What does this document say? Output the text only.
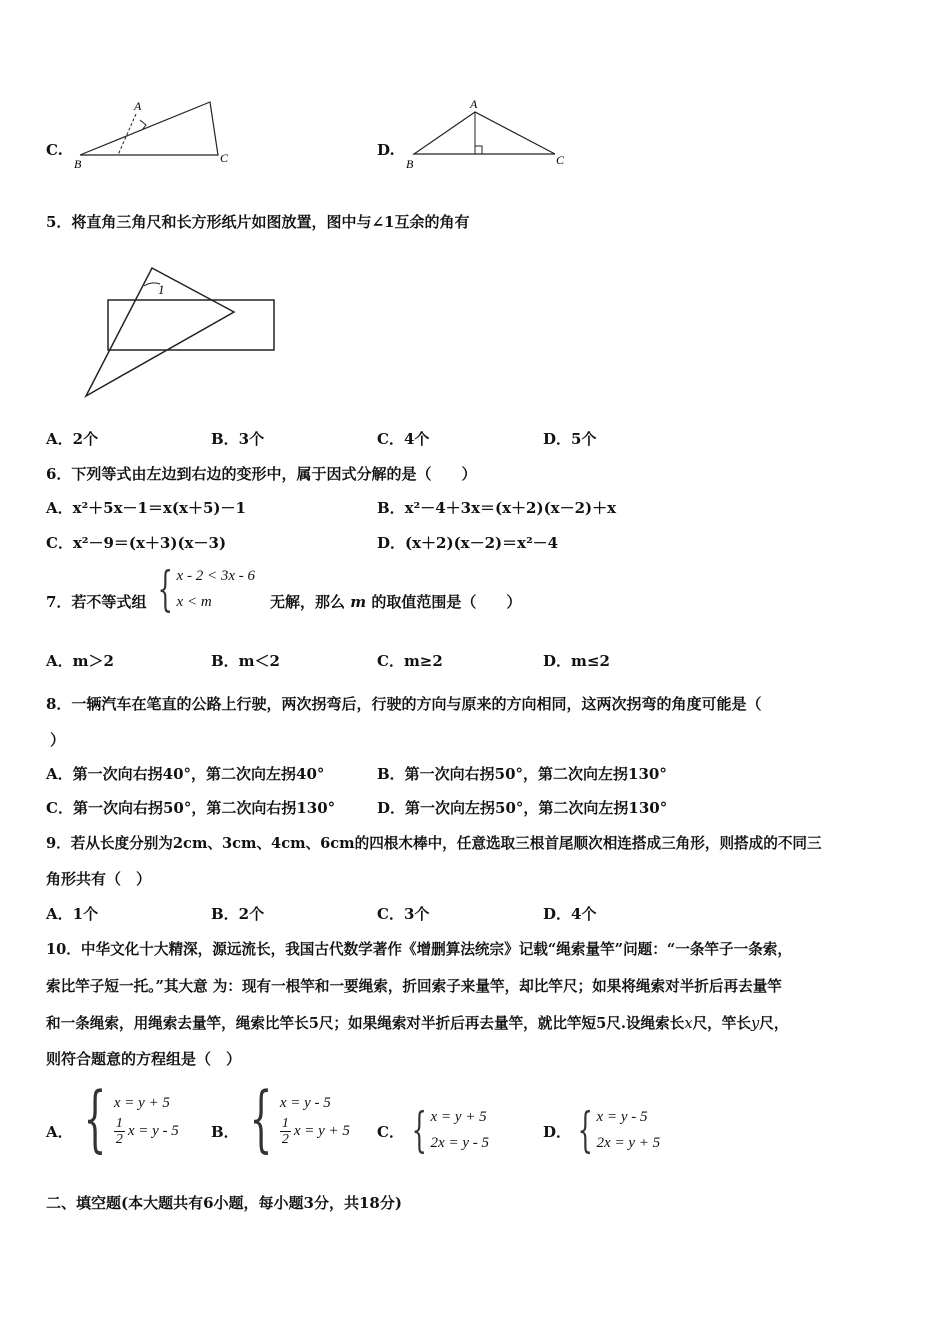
C.
A
B	C	D.
A
B	C
5．将直角三角尺和长方形纸片如图放置，图中与∠1互余的角有
1
A．2个	B．3个	C．4个	D．5个
6．下列等式由左边到右边的变形中，属于因式分解的是（　　）
A．x²＋5x－1＝x(x＋5)－1	B．x²－4＋3x＝(x＋2)(x－2)＋x
C．x²－9＝(x＋3)(x－3)	D．(x＋2)(x－2)＝x²－4
7．若不等式组 { x - 2 < 3x - 6
x < m	无解，那么 m 的取值范围是（　　）
A．m＞2	B．m＜2	C．m≥2	D．m≤2
8．一辆汽车在笔直的公路上行驶，两次拐弯后，行驶的方向与原来的方向相同，这两次拐弯的角度可能是（
）
A．第一次向右拐40°，第二次向左拐40°	B．第一次向右拐50°，第二次向左拐130°
C．第一次向右拐50°，第二次向右拐130°	D．第一次向左拐50°，第二次向左拐130°
9．若从长度分别为2cm、3cm、4cm、6cm的四根木棒中，任意选取三根首尾顺次相连搭成三角形，则搭成的不同三
角形共有（　）
A．1个	B．2个	C．3个	D．4个
10．中华文化十大精深，源远流长，我国古代数学著作《增删算法统宗》记载“绳索量竿”问题：“一条竿子一条索，
索比竿子短一托。”其大意 为：现有一根竿和一要绳索，折回索子来量竿，却比竿尺；如果将绳索对半折后再去量竿
和一条绳索，用绳索去量竿，绳索比竿长5尺；如果绳索对半折后再去量竿，就比竿短5尺.设绳索长x尺，竿长y尺，
则符合题意的方程组是（　）
A． { x = y + 5
$\frac{1}{2}$ x = y - 5 B． { x = y - 5
$\frac{1}{2}$ x = y + 5 C． { x = y + 5
2x = y - 5
D． { x = y - 5
2x = y + 5
二、填空题(本大题共有6小题，每小题3分，共18分)
